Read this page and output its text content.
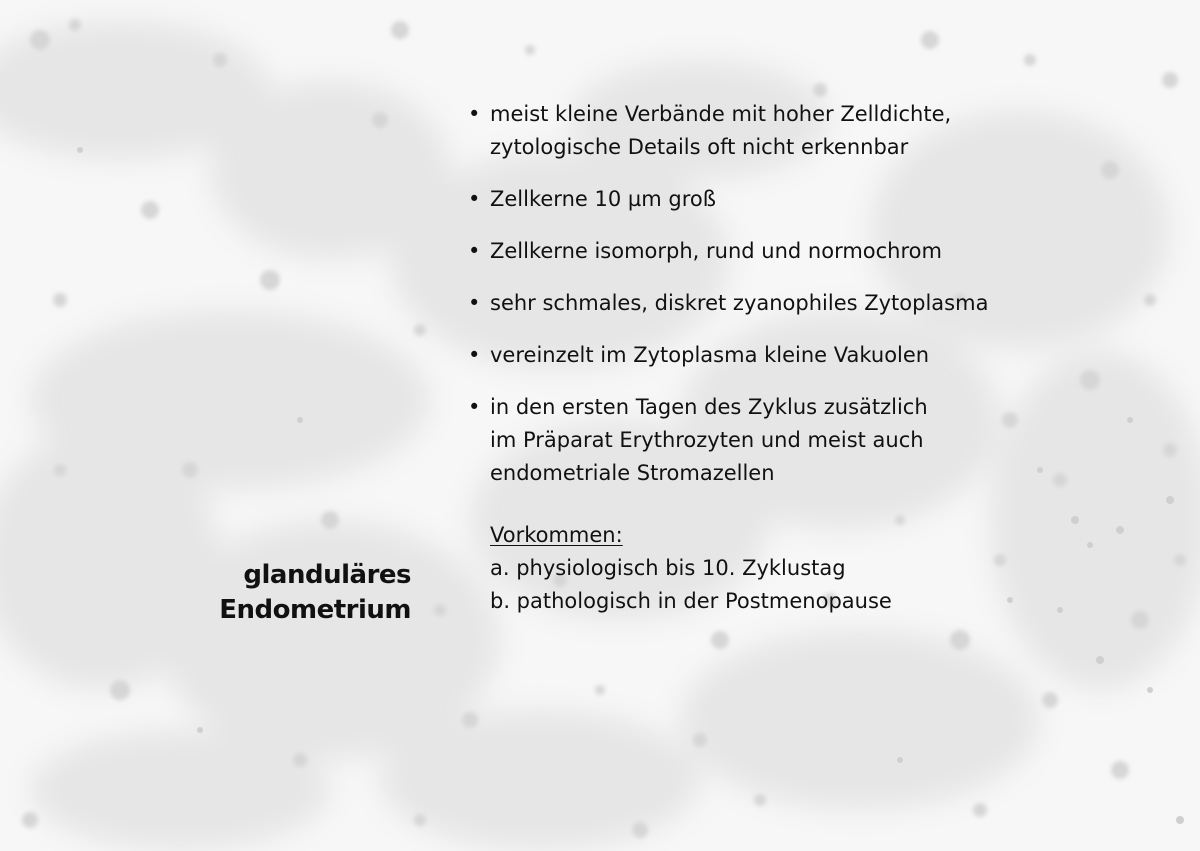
glanduläres
Endometrium
• meist kleine Verbände mit hoher Zelldichte,
zytologische Details oft nicht erkennbar
• Zellkerne 10 µm groß
• Zellkerne isomorph, rund und normochrom
• sehr schmales, diskret zyanophiles Zytoplasma
• vereinzelt im Zytoplasma kleine Vakuolen
• in den ersten Tagen des Zyklus zusätzlich
im Präparat Erythrozyten und meist auch
endometriale Stromazellen
Vorkommen:
a. physiologisch bis 10. Zyklustag
b. pathologisch in der Postmenopause
